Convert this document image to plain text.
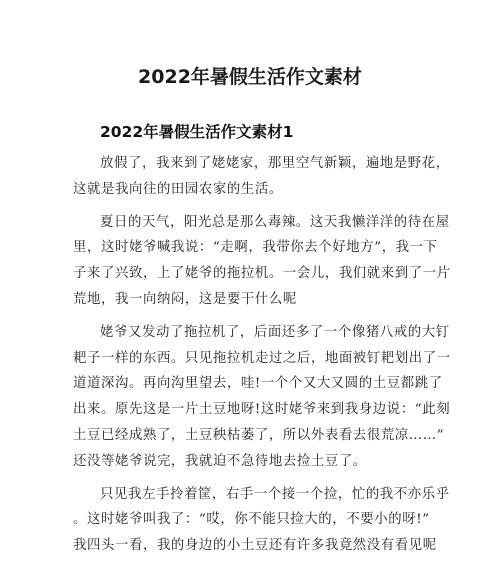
2022年暑假生活作文素材
2022年暑假生活作文素材1
放假了，我来到了姥姥家，那里空气新颖，遍地是野花，
这就是我向往的田园农家的生活。
夏日的天气，阳光总是那么毒辣。这天我懒洋洋的待在屋
里，这时姥爷喊我说：“走啊，我带你去个好地方”，我一下
子来了兴致，上了姥爷的拖拉机。一会儿，我们就来到了一片
荒地，我一向纳闷，这是要干什么呢
姥爷又发动了拖拉机了，后面还多了一个像猪八戒的大钉
耙子一样的东西。只见拖拉机走过之后，地面被钉耙划出了一
道道深沟。再向沟里望去，哇!一个个又大又圆的土豆都跳了
出来。原先这是一片土豆地呀!这时姥爷来到我身边说：“此刻
土豆已经成熟了，土豆秧枯萎了，所以外表看去很荒凉……”
还没等姥爷说完，我就迫不急待地去捡土豆了。
只见我左手拎着筐，右手一个接一个捡，忙的我不亦乐乎
。这时姥爷叫我了：“哎，你不能只捡大的，不要小的呀!”
我四头一看，我的身边的小土豆还有许多我竟然没有看见呢
